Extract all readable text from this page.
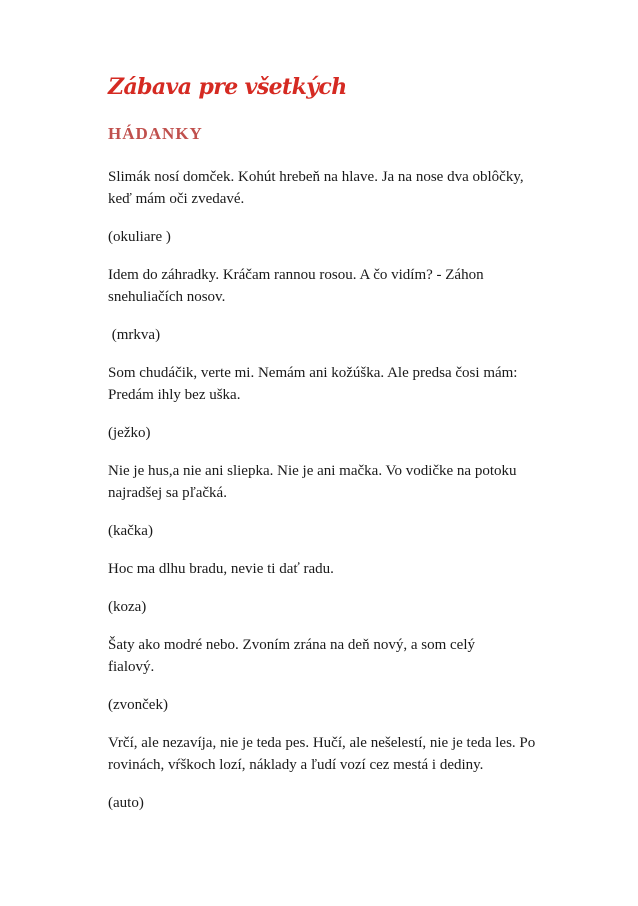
Zábava pre všetkých
HÁDANKY

Slimák nosí domček. Kohút hrebeň na hlave. Ja na nose dva oblôčky, keď mám oči zvedavé.

(okuliare )

Idem do záhradky. Kráčam rannou rosou. A čo vidím? - Záhon snehuliačích nosov.

(mrkva)

Som chudáčik, verte mi. Nemám ani kožúška. Ale predsa čosi mám: Predám ihly bez uška.

(ježko)

Nie je hus,a nie ani sliepka. Nie je ani mačka. Vo vodičke na potoku najradšej sa pľačká.

(kačka)

Hoc ma dlhu bradu, nevie ti dať radu.

(koza)

Šaty ako modré nebo. Zvoním zrána na deň nový, a som celý fialový.

(zvonček)

Vrčí, ale nezavíja, nie je teda pes. Hučí, ale nešelestí, nie je teda les. Po rovinách, vŕškoch lozí, náklady a ľudí vozí cez mestá i dediny.

(auto)
